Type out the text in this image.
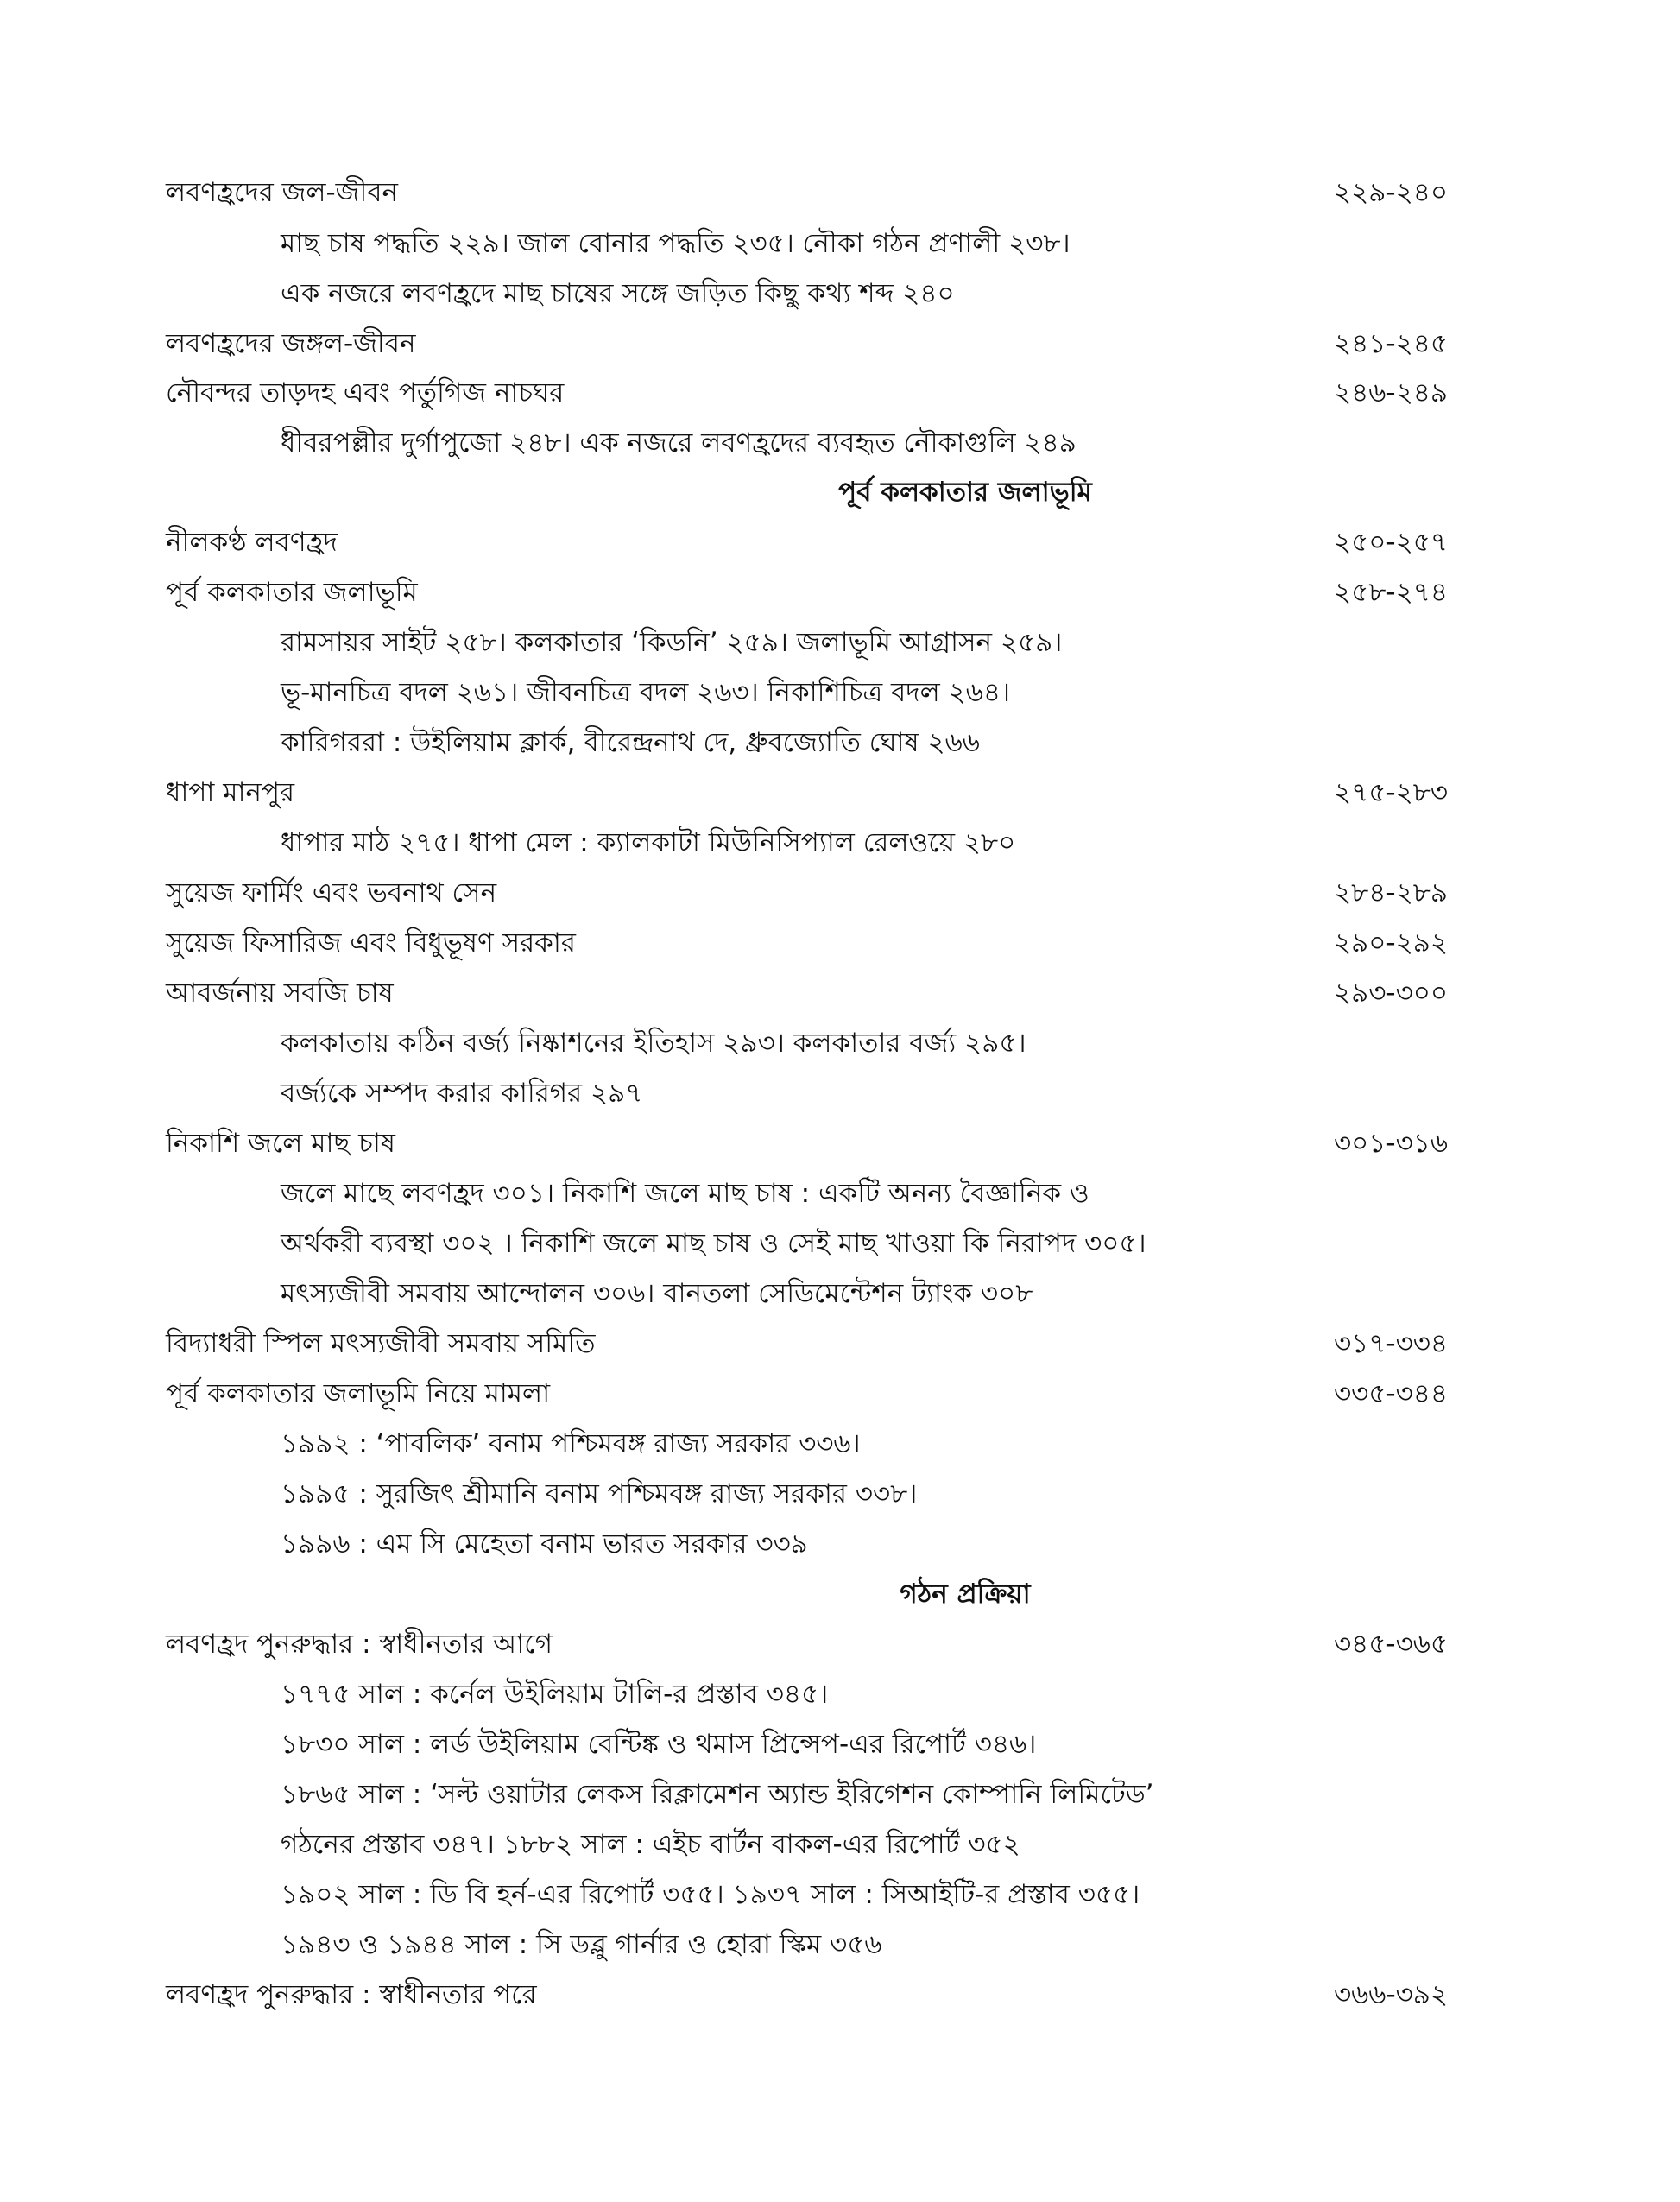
লবণহ্রদের জল-জীবন	২২৯-২৪০
মাছ চাষ পদ্ধতি ২২৯। জাল বোনার পদ্ধতি ২৩৫। নৌকা গঠন প্রণালী ২৩৮।
এক নজরে লবণহ্রদে মাছ চাষের সঙ্গে জড়িত কিছু কথ্য শব্দ ২৪০
লবণহ্রদের জঙ্গল-জীবন	২৪১-২৪৫
নৌবন্দর তাড়দহ এবং পর্তুগিজ নাচঘর	২৪৬-২৪৯
ধীবরপল্লীর দুর্গাপুজো ২৪৮। এক নজরে লবণহ্রদের ব্যবহৃত নৌকাগুলি ২৪৯
পূর্ব কলকাতার জলাভূমি
নীলকণ্ঠ লবণহ্রদ	২৫০-২৫৭
পূর্ব কলকাতার জলাভূমি	২৫৮-২৭৪
রামসায়র সাইট ২৫৮। কলকাতার ‘কিডনি’ ২৫৯। জলাভূমি আগ্রাসন ২৫৯।
ভূ-মানচিত্র বদল ২৬১। জীবনচিত্র বদল ২৬৩। নিকাশিচিত্র বদল ২৬৪।
কারিগররা : উইলিয়াম ক্লার্ক, বীরেন্দ্রনাথ দে, ধ্রুবজ্যোতি ঘোষ ২৬৬
ধাপা মানপুর	২৭৫-২৮৩
ধাপার মাঠ ২৭৫। ধাপা মেল : ক্যালকাটা মিউনিসিপ্যাল রেলওয়ে ২৮০
সুয়েজ ফার্মিং এবং ভবনাথ সেন	২৮৪-২৮৯
সুয়েজ ফিসারিজ এবং বিধুভূষণ সরকার	২৯০-২৯২
আবর্জনায় সবজি চাষ	২৯৩-৩০০
কলকাতায় কঠিন বর্জ্য নিষ্কাশনের ইতিহাস ২৯৩। কলকাতার বর্জ্য ২৯৫।
বর্জ্যকে সম্পদ করার কারিগর ২৯৭
নিকাশি জলে মাছ চাষ	৩০১-৩১৬
জলে মাছে লবণহ্রদ ৩০১। নিকাশি জলে মাছ চাষ : একটি অনন্য বৈজ্ঞানিক ও
অর্থকরী ব্যবস্থা ৩০২ । নিকাশি জলে মাছ চাষ ও সেই মাছ খাওয়া কি নিরাপদ ৩০৫।
মৎস্যজীবী সমবায় আন্দোলন ৩০৬। বানতলা সেডিমেন্টেশন ট্যাংক ৩০৮
বিদ্যাধরী স্পিল মৎস্যজীবী সমবায় সমিতি	৩১৭-৩৩৪
পূর্ব কলকাতার জলাভূমি নিয়ে মামলা	৩৩৫-৩৪৪
১৯৯২ : ‘পাবলিক’ বনাম পশ্চিমবঙ্গ রাজ্য সরকার ৩৩৬।
১৯৯৫ : সুরজিৎ শ্রীমানি বনাম পশ্চিমবঙ্গ রাজ্য সরকার ৩৩৮।
১৯৯৬ : এম সি মেহেতা বনাম ভারত সরকার ৩৩৯
গঠন প্রক্রিয়া
লবণহ্রদ পুনরুদ্ধার : স্বাধীনতার আগে	৩৪৫-৩৬৫
১৭৭৫ সাল : কর্নেল উইলিয়াম টালি-র প্রস্তাব ৩৪৫।
১৮৩০ সাল : লর্ড উইলিয়াম বেন্টিঙ্ক ও থমাস প্রিন্সেপ-এর রিপোর্ট ৩৪৬।
১৮৬৫ সাল : ‘সল্ট ওয়াটার লেকস রিক্লামেশন অ্যান্ড ইরিগেশন কোম্পানি লিমিটেড’
গঠনের প্রস্তাব ৩৪৭। ১৮৮২ সাল : এইচ বার্টন বাকল-এর রিপোর্ট ৩৫২
১৯০২ সাল : ডি বি হর্ন-এর রিপোর্ট ৩৫৫। ১৯৩৭ সাল : সিআইটি-র প্রস্তাব ৩৫৫।
১৯৪৩ ও ১৯৪৪ সাল : সি ডব্লু গার্নার ও হোরা স্কিম ৩৫৬
লবণহ্রদ পুনরুদ্ধার : স্বাধীনতার পরে	৩৬৬-৩৯২
